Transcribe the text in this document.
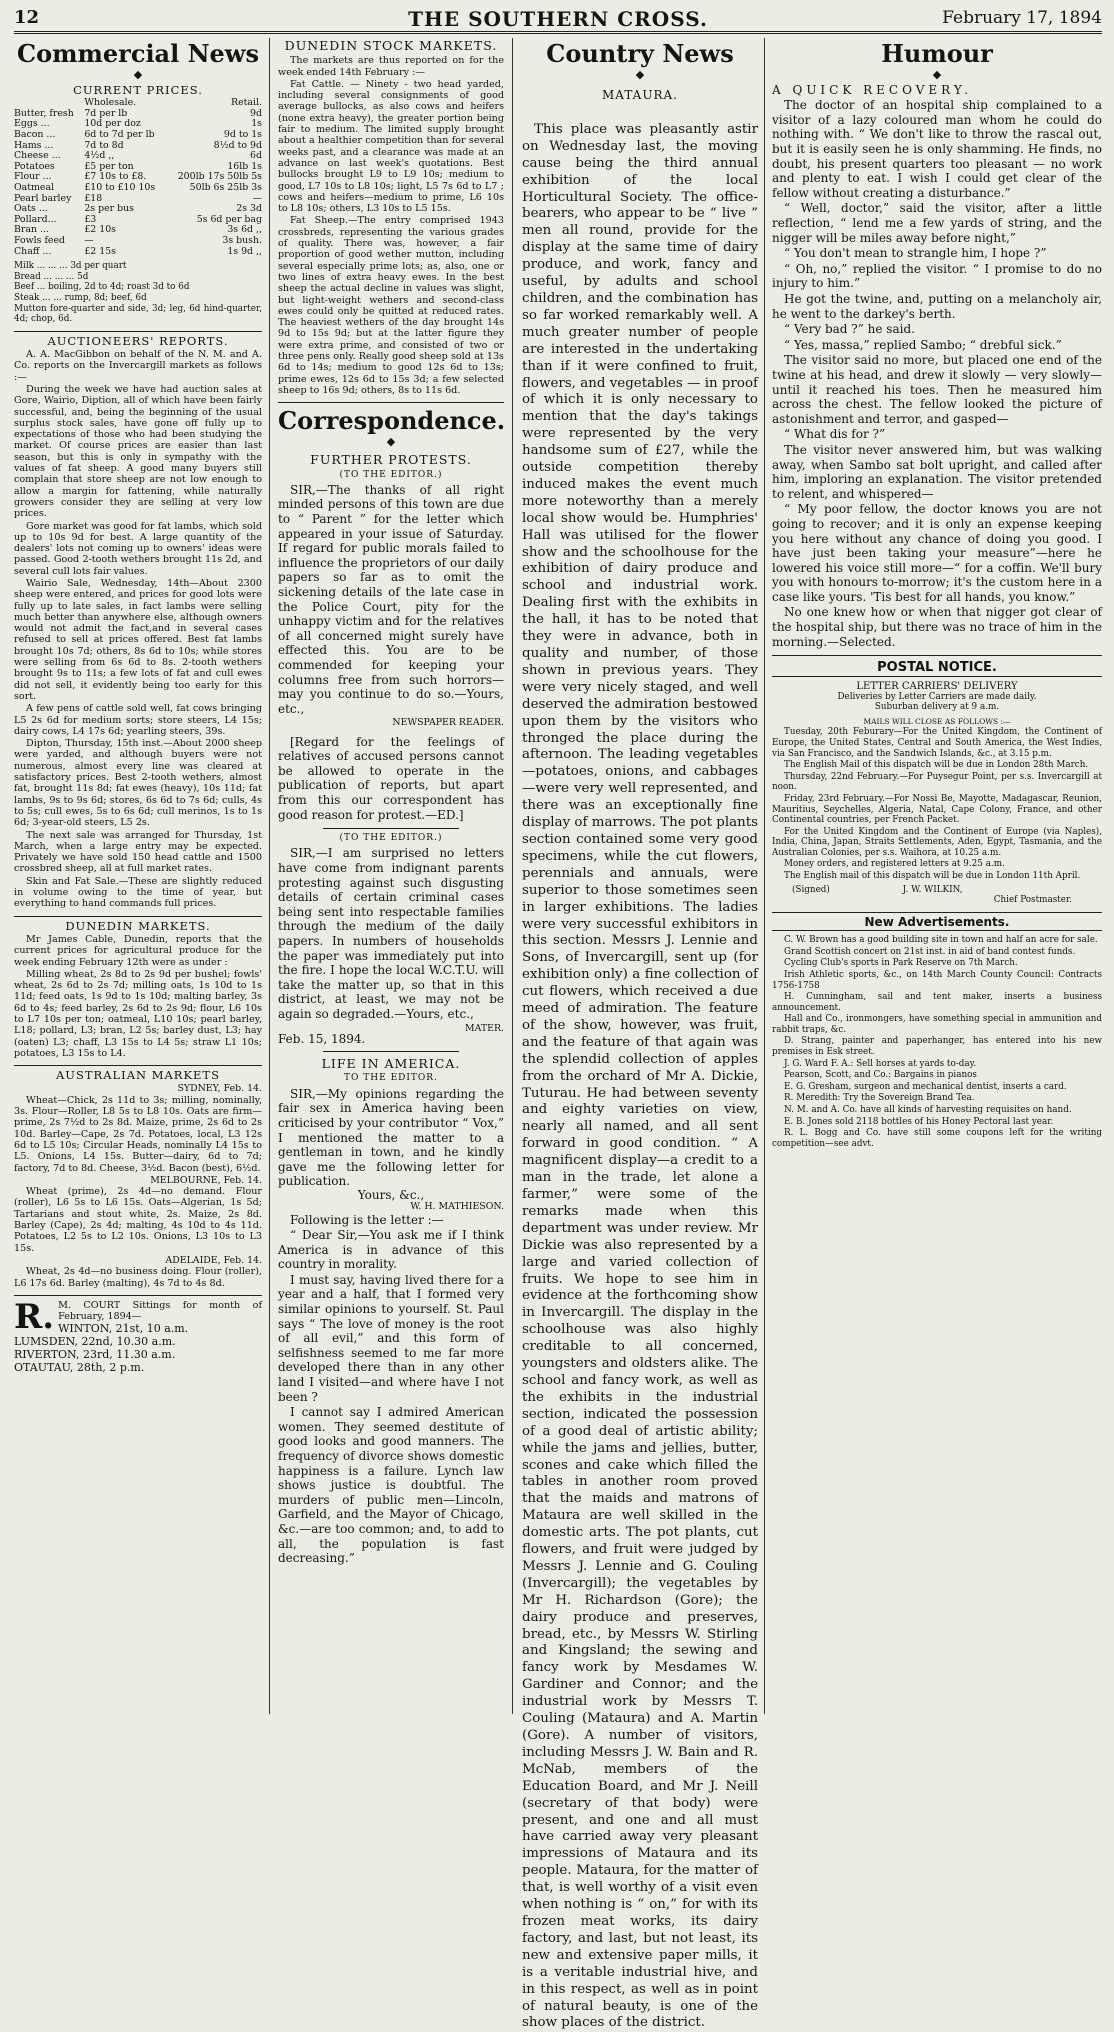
12	THE SOUTHERN CROSS.	February 17, 1894
Commercial News
◆
CURRENT PRICES.
	Wholesale.	Retail.
Butter, fresh	7d per lb	9d
Eggs ...	10d per doz	1s
Bacon ...	6d to 7d per lb	9d to 1s
Hams ...	7d to 8d	8½d to 9d
Cheese ...	4½d ,,	6d
Potatoes	£5 per ton	16lb 1s
Flour ...	£7 10s to £8.	200lb 17s 50lb 5s
Oatmeal	£10 to £10 10s	50lb 6s 25lb 3s
Pearl barley	£18	—
Oats ...	2s per bus	2s 3d
Pollard...	£3	5s 6d per bag
Bran ...	£2 10s	3s 6d ,,
Fowls feed	—	3s bush.
Chaff ...	£2 15s	1s 9d ,,
Milk ... ... ... 3d per quart
Bread ... ... ... 5d
Beef ... boiling, 2d to 4d; roast 3d to 6d
Steak ... ... rump, 8d; beef, 6d
Mutton fore-quarter and side, 3d; leg, 6d hind-quarter, 4d; chop, 6d.
AUCTIONEERS' REPORTS.

A. A. MacGibbon on behalf of the N. M. and A. Co. reports on the Invercargill markets as follows :—

During the week we have had auction sales at Gore, Wairio, Diption, all of which have been fairly successful, and, being the beginning of the usual surplus stock sales, have gone off fully up to expectations of those who had been studying the market. Of course prices are easier than last season, but this is only in sympathy with the values of fat sheep. A good many buyers still complain that store sheep are not low enough to allow a margin for fattening, while naturally growers consider they are selling at very low prices.

Gore market was good for fat lambs, which sold up to 10s 9d for best. A large quantity of the dealers' lots not coming up to owners' ideas were passed. Good 2-tooth wethers brought 11s 2d, and several cull lots fair values.

Wairio Sale, Wednesday, 14th—About 2300 sheep were entered, and prices for good lots were fully up to late sales, in fact lambs were selling much better than anywhere else, although owners would not admit the fact,and in several cases refused to sell at prices offered. Best fat lambs brought 10s 7d; others, 8s 6d to 10s; while stores were selling from 6s 6d to 8s. 2-tooth wethers brought 9s to 11s; a few lots of fat and cull ewes did not sell, it evidently being too early for this sort.

A few pens of cattle sold well, fat cows bringing L5 2s 6d for medium sorts; store steers, L4 15s; dairy cows, L4 17s 6d; yearling steers, 39s.

Dipton, Thursday, 15th inst.—About 2000 sheep were yarded, and although buyers were not numerous, almost every line was cleared at satisfactory prices. Best 2-tooth wethers, almost fat, brought 11s 8d; fat ewes (heavy), 10s 11d; fat lambs, 9s to 9s 6d; stores, 6s 6d to 7s 6d; culls, 4s to 5s; cull ewes, 5s to 6s 6d; cull merinos, 1s to 1s 6d; 3-year-old steers, L5 2s.

The next sale was arranged for Thursday, 1st March, when a large entry may be expected. Privately we have sold 150 head cattle and 1500 crossbred sheep, all at full market rates.

Skin and Fat Sale.—These are slightly reduced in volume owing to the time of year, but everything to hand commands full prices.

DUNEDIN MARKETS.

Mr James Cable, Dunedin, reports that the current prices for agricultural produce for the week ending February 12th were as under :

Milling wheat, 2s 8d to 2s 9d per bushel; fowls' wheat, 2s 6d to 2s 7d; milling oats, 1s 10d to 1s 11d; feed oats, 1s 9d to 1s 10d; malting barley, 3s 6d to 4s; feed barley, 2s 6d to 2s 9d; flour, L6 10s to L7 10s per ton; oatmeal, L10 10s; pearl barley, L18; pollard, L3; bran, L2 5s; barley dust, L3; hay (oaten) L3; chaff, L3 15s to L4 5s; straw L1 10s; potatoes, L3 15s to L4.

AUSTRALIAN MARKETS
SYDNEY, Feb. 14.

Wheat—Chick, 2s 11d to 3s; milling, nominally, 3s. Flour—Roller, L8 5s to L8 10s. Oats are firm—prime, 2s 7½d to 2s 8d. Maize, prime, 2s 6d to 2s 10d. Barley—Cape, 2s 7d. Potatoes, local, L3 12s 6d to L5 10s; Circular Heads, nominally L4 15s to L5. Onions, L4 15s. Butter—dairy, 6d to 7d; factory, 7d to 8d. Cheese, 3½d. Bacon (best), 6½d.

MELBOURNE, Feb. 14.

Wheat (prime), 2s 4d—no demand. Flour (roller), L6 5s to L6 15s. Oats—Algerian, 1s 5d; Tartarians and stout white, 2s. Maize, 2s 8d. Barley (Cape), 2s 4d; malting, 4s 10d to 4s 11d. Potatoes, L2 5s to L2 10s. Onions, L3 10s to L3 15s.

ADELAIDE, Feb. 14.

Wheat, 2s 4d—no business doing. Flour (roller), L6 17s 6d. Barley (malting), 4s 7d to 4s 8d.

R. M. COURT Sittings for month of February, 1894—
WINTON, 21st, 10 a.m.
LUMSDEN, 22nd, 10.30 a.m.
RIVERTON, 23rd, 11.30 a.m.
OTAUTAU, 28th, 2 p.m.
DUNEDIN STOCK MARKETS.

The markets are thus reported on for the week ended 14th February :—

Fat Cattle. — Ninety - two head yarded, including several consignments of good average bullocks, as also cows and heifers (none extra heavy), the greater portion being fair to medium. The limited supply brought about a healthier competition than for several weeks past, and a clearance was made at an advance on last week's quotations. Best bullocks brought L9 to L9 10s; medium to good, L7 10s to L8 10s; light, L5 7s 6d to L7 ; cows and heifers—medium to prime, L6 10s to L8 10s; others, L3 10s to L5 15s.

Fat Sheep.—The entry comprised 1943 crossbreds, representing the various grades of quality. There was, however, a fair proportion of good wether mutton, including several especially prime lots; as, also, one or two lines of extra heavy ewes. In the best sheep the actual decline in values was slight, but light-weight wethers and second-class ewes could only be quitted at reduced rates. The heaviest wethers of the day brought 14s 9d to 15s 9d; but at the latter figure they were extra prime, and consisted of two or three pens only. Really good sheep sold at 13s 6d to 14s; medium to good 12s 6d to 13s; prime ewes, 12s 6d to 15s 3d; a few selected sheep to 16s 9d; others, 8s to 11s 6d.

Correspondence.
◆
FURTHER PROTESTS.
(TO THE EDITOR.)

SIR,—The thanks of all right minded persons of this town are due to “ Parent ” for the letter which appeared in your issue of Saturday. If regard for public morals failed to influence the proprietors of our daily papers so far as to omit the sickening details of the late case in the Police Court, pity for the unhappy victim and for the relatives of all concerned might surely have effected this. You are to be commended for keeping your columns free from such horrors—may you continue to do so.—Yours, etc.,

NEWSPAPER READER.

[Regard for the feelings of relatives of accused persons cannot be allowed to operate in the publication of reports, but apart from this our correspondent has good reason for protest.—ED.]

(TO THE EDITOR.)

SIR,—I am surprised no letters have come from indignant parents protesting against such disgusting details of certain criminal cases being sent into respectable families through the medium of the daily papers. In numbers of households the paper was immediately put into the fire. I hope the local W.C.T.U. will take the matter up, so that in this district, at least, we may not be again so degraded.—Yours, etc.,

MATER.
Feb. 15, 1894.
LIFE IN AMERICA.
TO THE EDITOR.

SIR,—My opinions regarding the fair sex in America having been criticised by your contributor “ Vox,” I mentioned the matter to a gentleman in town, and he kindly gave me the following letter for publication.

Yours, &c.,
W. H. MATHIESON.

Following is the letter :—

“ Dear Sir,—You ask me if I think America is in advance of this country in morality.

I must say, having lived there for a year and a half, that I formed very similar opinions to yourself. St. Paul says “ The love of money is the root of all evil,” and this form of selfishness seemed to me far more developed there than in any other land I visited—and where have I not been ?

I cannot say I admired American women. They seemed destitute of good looks and good manners. The frequency of divorce shows domestic happiness is a failure. Lynch law shows justice is doubtful. The murders of public men—Lincoln, Garfield, and the Mayor of Chicago, &c.—are too common; and, to add to all, the population is fast decreasing.”

Country News
◆
MATAURA.

This place was pleasantly astir on Wednesday last, the moving cause being the third annual exhibition of the local Horticultural Society. The office-bearers, who appear to be “ live ” men all round, provide for the display at the same time of dairy produce, and work, fancy and useful, by adults and school children, and the combination has so far worked remarkably well. A much greater number of people are interested in the undertaking than if it were confined to fruit, flowers, and vegetables — in proof of which it is only necessary to mention that the day's takings were represented by the very handsome sum of £27, while the outside competition thereby induced makes the event much more noteworthy than a merely local show would be. Humphries' Hall was utilised for the flower show and the schoolhouse for the exhibition of dairy produce and school and industrial work. Dealing first with the exhibits in the hall, it has to be noted that they were in advance, both in quality and number, of those shown in previous years. They were very nicely staged, and well deserved the admiration bestowed upon them by the visitors who thronged the place during the afternoon. The leading vegetables—potatoes, onions, and cabbages—were very well represented, and there was an exceptionally fine display of marrows. The pot plants section contained some very good specimens, while the cut flowers, perennials and annuals, were superior to those sometimes seen in larger exhibitions. The ladies were very successful exhibitors in this section. Messrs J. Lennie and Sons, of Invercargill, sent up (for exhibition only) a fine collection of cut flowers, which received a due meed of admiration. The feature of the show, however, was fruit, and the feature of that again was the splendid collection of apples from the orchard of Mr A. Dickie, Tuturau. He had between seventy and eighty varieties on view, nearly all named, and all sent forward in good condition. “ A magnificent display—a credit to a man in the trade, let alone a farmer,” were some of the remarks made when this department was under review. Mr Dickie was also represented by a large and varied collection of fruits. We hope to see him in evidence at the forthcoming show in Invercargill. The display in the schoolhouse was also highly creditable to all concerned, youngsters and oldsters alike. The school and fancy work, as well as the exhibits in the industrial section, indicated the possession of a good deal of artistic ability; while the jams and jellies, butter, scones and cake which filled the tables in another room proved that the maids and matrons of Mataura are well skilled in the domestic arts. The pot plants, cut flowers, and fruit were judged by Messrs J. Lennie and G. Couling (Invercargill); the vegetables by Mr H. Richardson (Gore); the dairy produce and preserves, bread, etc., by Messrs W. Stirling and Kingsland; the sewing and fancy work by Mesdames W. Gardiner and Connor; and the industrial work by Messrs T. Couling (Mataura) and A. Martin (Gore). A number of visitors, including Messrs J. W. Bain and R. McNab, members of the Education Board, and Mr J. Neill (secretary of that body) were present, and one and all must have carried away very pleasant impressions of Mataura and its people. Mataura, for the matter of that, is well worthy of a visit even when nothing is “ on,” for with its frozen meat works, its dairy factory, and last, but not least, its new and extensive paper mills, it is a veritable industrial hive, and in this respect, as well as in point of natural beauty, is one of the show places of the district.

Humour
◆
A QUICK RECOVERY.

The doctor of an hospital ship complained to a visitor of a lazy coloured man whom he could do nothing with. “ We don't like to throw the rascal out, but it is easily seen he is only shamming. He finds, no doubt, his present quarters too pleasant — no work and plenty to eat. I wish I could get clear of the fellow without creating a disturbance.”

“ Well, doctor,” said the visitor, after a little reflection, “ lend me a few yards of string, and the nigger will be miles away before night,”

“ You don't mean to strangle him, I hope ?”

“ Oh, no,” replied the visitor. “ I promise to do no injury to him.”

He got the twine, and, putting on a melancholy air, he went to the darkey's berth.

“ Very bad ?” he said.

“ Yes, massa,” replied Sambo; “ drebful sick.”

The visitor said no more, but placed one end of the twine at his head, and drew it slowly — very slowly—until it reached his toes. Then he measured him across the chest. The fellow looked the picture of astonishment and terror, and gasped—

“ What dis for ?”

The visitor never answered him, but was walking away, when Sambo sat bolt upright, and called after him, imploring an explanation. The visitor pretended to relent, and whispered—

“ My poor fellow, the doctor knows you are not going to recover; and it is only an expense keeping you here without any chance of doing you good. I have just been taking your measure”—here he lowered his voice still more—“ for a coffin. We'll bury you with honours to-morrow; it's the custom here in a case like yours. 'Tis best for all hands, you know.”

No one knew how or when that nigger got clear of the hospital ship, but there was no trace of him in the morning.—Selected.

POSTAL NOTICE.
LETTER CARRIERS' DELIVERY
Deliveries by Letter Carriers are made daily.
Suburban delivery at 9 a.m.
MAILS WILL CLOSE AS FOLLOWS :—

Tuesday, 20th Feburary—For the United Kingdom, the Continent of Europe, the United States, Central and South America, the West Indies, via San Francisco, and the Sandwich Islands, &c., at 3.15 p.m.

The English Mail of this dispatch will be due in London 28th March.

Thursday, 22nd February.—For Puysegur Point, per s.s. Invercargill at noon.

Friday, 23rd February.—For Nossi Be, Mayotte, Madagascar, Reunion, Mauritius, Seychelles, Algeria, Natal, Cape Colony, France, and other Continental countries, per French Packet.

For the United Kingdom and the Continent of Europe (via Naples), India, China, Japan, Straits Settlements, Aden, Egypt, Tasmania, and the Australian Colonies, per s.s. Waihora, at 10.25 a.m.

Money orders, and registered letters at 9.25 a.m.

The English mail of this dispatch will be due in London 11th April.

(Signed)	J. W. WILKIN,
Chief Postmaster.
New Advertisements.

C. W. Brown has a good building site in town and half an acre for sale.

Grand Scottish concert on 21st inst. in aid of band contest funds.

Cycling Club's sports in Park Reserve on 7th March.

Irish Athletic sports, &c., on 14th March County Council: Contracts 1756-1758

H. Cunningham, sail and tent maker, inserts a business announcement.

Hall and Co., ironmongers, have something special in ammunition and rabbit traps, &c.

D. Strang, painter and paperhanger, has entered into his new premises in Esk street.

J. G. Ward F. A.: Sell horses at yards to-day.

Pearson, Scott, and Co.: Bargains in pianos

E. G. Gresham, surgeon and mechanical dentist, inserts a card.

R. Meredith: Try the Sovereign Brand Tea.

N. M. and A. Co. have all kinds of harvesting requisites on hand.

E. B. Jones sold 2118 bottles of his Honey Pectoral last year.

R. L. Bogg and Co. have still some coupons left for the writing competition—see advt.
